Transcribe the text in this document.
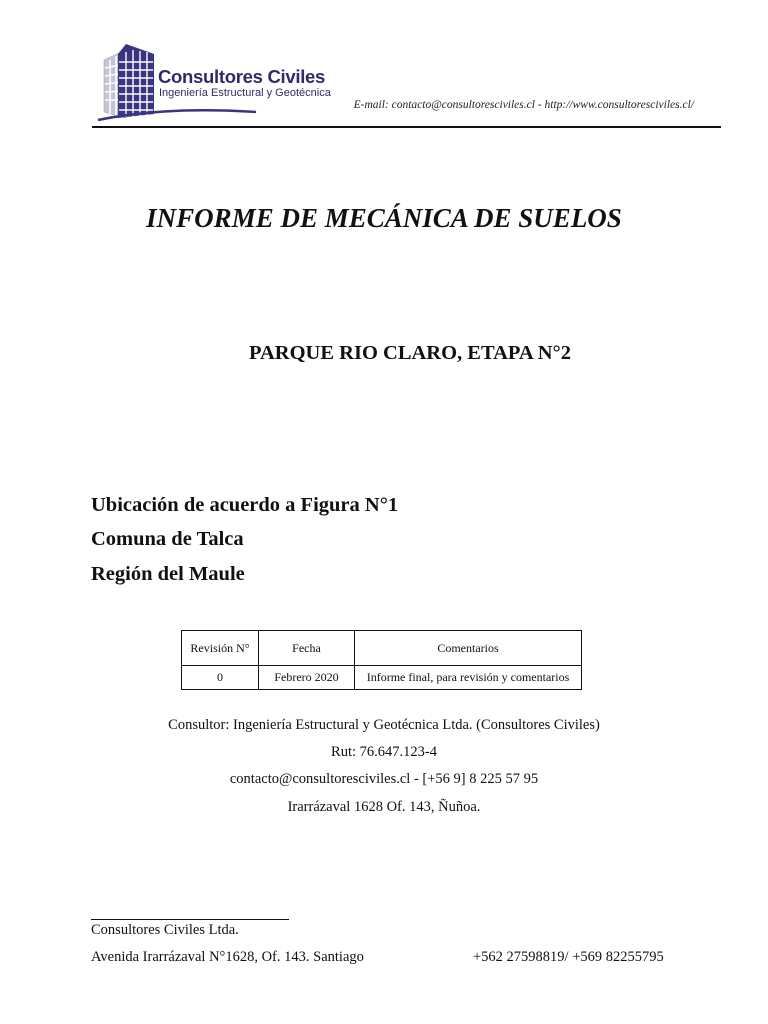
Consultores Civiles
Ingeniería Estructural y Geotécnica
E-mail: contacto@consultoresciviles.cl - http://www.consultoresciviles.cl/
INFORME DE MECÁNICA DE SUELOS
PARQUE RIO CLARO, ETAPA N°2
Ubicación de acuerdo a Figura N°1
Comuna de Talca
Región del Maule
Revisión N°	Fecha	Comentarios
0	Febrero 2020	Informe final, para revisión y comentarios
Consultor: Ingeniería Estructural y Geotécnica Ltda. (Consultores Civiles)
Rut: 76.647.123-4
contacto@consultoresciviles.cl - [+56 9] 8 225 57 95
Irarrázaval 1628 Of. 143, Ñuñoa.
Consultores Civiles Ltda.
Avenida Irarrázaval N°1628, Of. 143. Santiago	+562 27598819/ +569 82255795
